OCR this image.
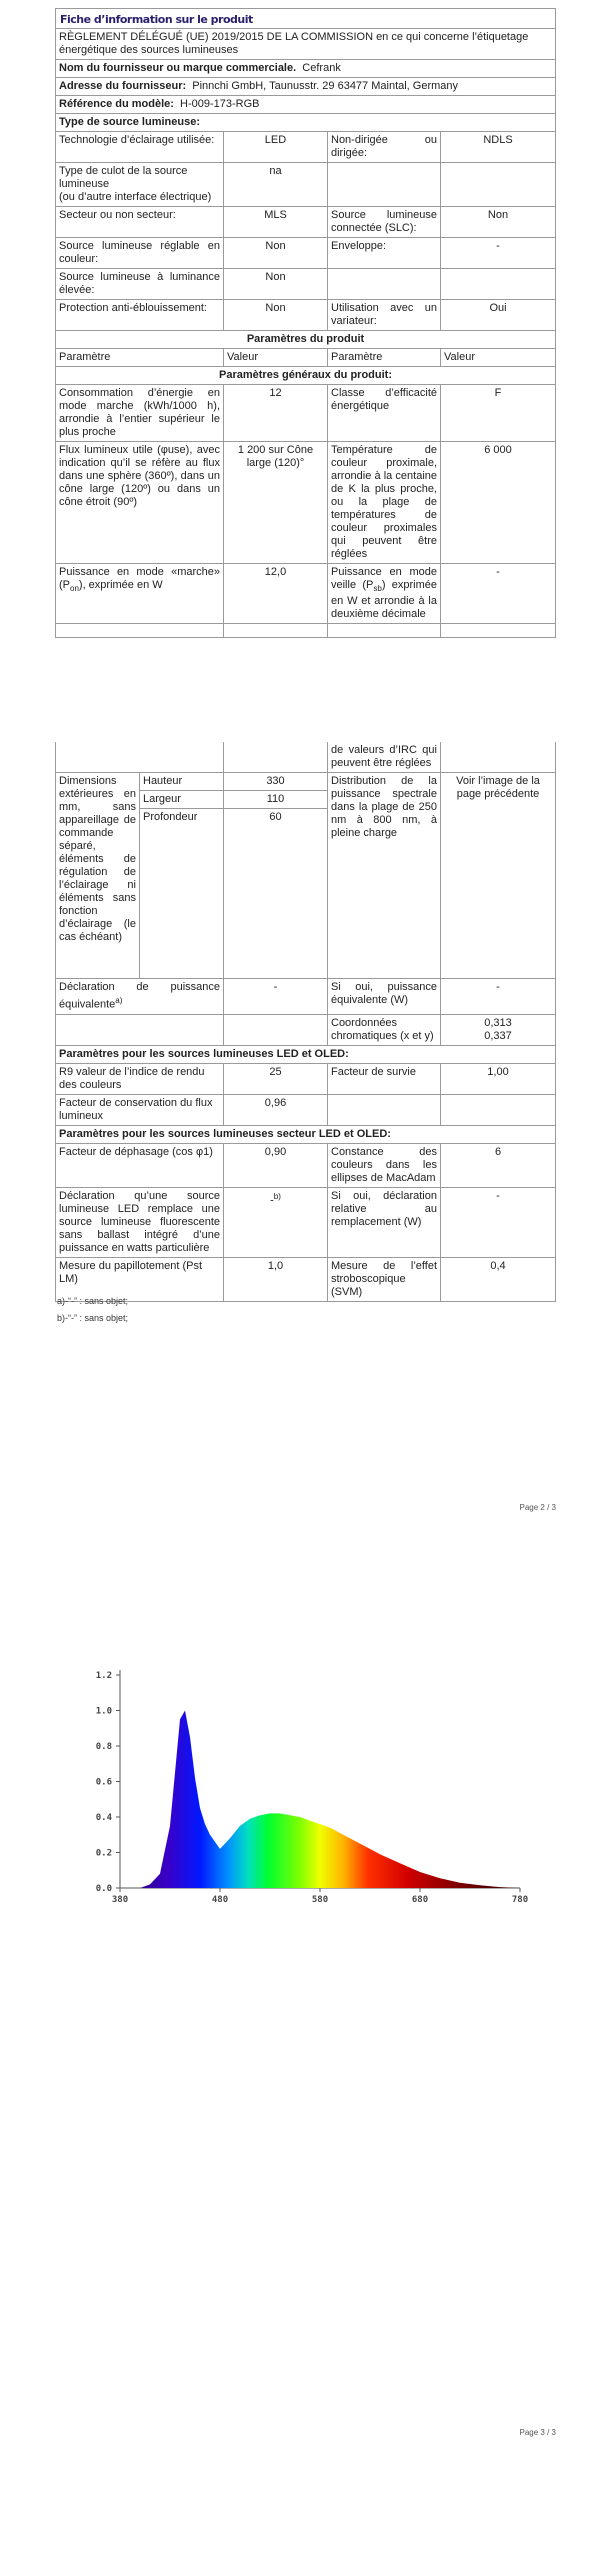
Fiche d’information sur le produit			
RÈGLEMENT DÉLÉGUÉ (UE) 2019/2015 DE LA COMMISSION en ce qui concerne l’étiquetage énergétique des sources lumineuses			
Nom du fournisseur ou marque commerciale. Cefrank			
Adresse du fournisseur: Pinnchi GmbH, Taunusstr. 29 63477 Maintal, Germany			
Référence du modèle: H-009-173-RGB			
Type de source lumineuse:			
Technologie d’éclairage utilisée:	LED	Non-dirigée ou dirigée:	NDLS

Type de culot de la source lumineuse
(ou d’autre interface électrique)	na		
Secteur ou non secteur:	MLS	Source lumineuse connectée (SLC):	Non
Source lumineuse réglable en couleur:	Non	Enveloppe:	-
Source lumineuse à luminance élevée:	Non		
Protection anti-éblouissement:	Non	Utilisation avec un variateur:	Oui
Paramètres du produit			
Paramètre	Valeur	Paramètre	Valeur
Paramètres généraux du produit:			
Consommation d’énergie en mode marche (kWh/1000 h), arrondie à l’entier supérieur le plus proche	12	Classe d’efficacité énergétique	F
Flux lumineux utile (φuse), avec indication qu’il se réfère au flux dans une sphère (360º), dans un cône large (120º) ou dans un cône étroit (90º)	1 200 sur Cône large (120)°	Température de couleur proximale, arrondie à la centaine de K la plus proche, ou la plage de températures de couleur proximales qui peuvent être réglées	6 000
Puissance en mode «marche» $(P_{on})$, exprimée en W	12,0	Puissance en mode veille $(P_{sb})$ exprimée en W et arrondie à la deuxième décimale	-

			de valeurs d’IRC qui peuvent être réglées	
Dimensions extérieures en mm, sans appareillage de commande séparé, éléments de régulation de l’éclairage ni éléments sans fonction d’éclairage (le cas échéant)	Hauteur	330	Distribution de la puissance spectrale dans la plage de 250 nm à 800 nm, à pleine charge	Voir l’image de la page précédente
	Largeur	110		
	Profondeur	60		
Déclaration de puissance équivalente$^{a)}$		-	Si oui, puissance équivalente (W)	-
			Coordonnées chromatiques (x et y)	0,313
0,337

Paramètres pour les sources lumineuses LED et OLED:				
R9 valeur de l’indice de rendu des couleurs		25	Facteur de survie	1,00
Facteur de conservation du flux lumineux		0,96		
Paramètres pour les sources lumineuses secteur LED et OLED:				
Facteur de déphasage (cos φ1)		0,90	Constance des couleurs dans les ellipses de MacAdam	6
Déclaration qu’une source lumineuse LED remplace une source lumineuse fluorescente sans ballast intégré d’une puissance en watts particulière		-$^{b)}$	Si oui, déclaration relative au remplacement (W)	-
Mesure du papillotement (Pst LM)		1,0	Mesure de l’effet stroboscopique (SVM)	0,4
a)-“-” : sans objet;
b)-“-” : sans objet;
Page 2 / 3
380	480	580	680	780
0.0
0.2
0.4
0.6
0.8
1.0
1.2
Page 3 / 3
